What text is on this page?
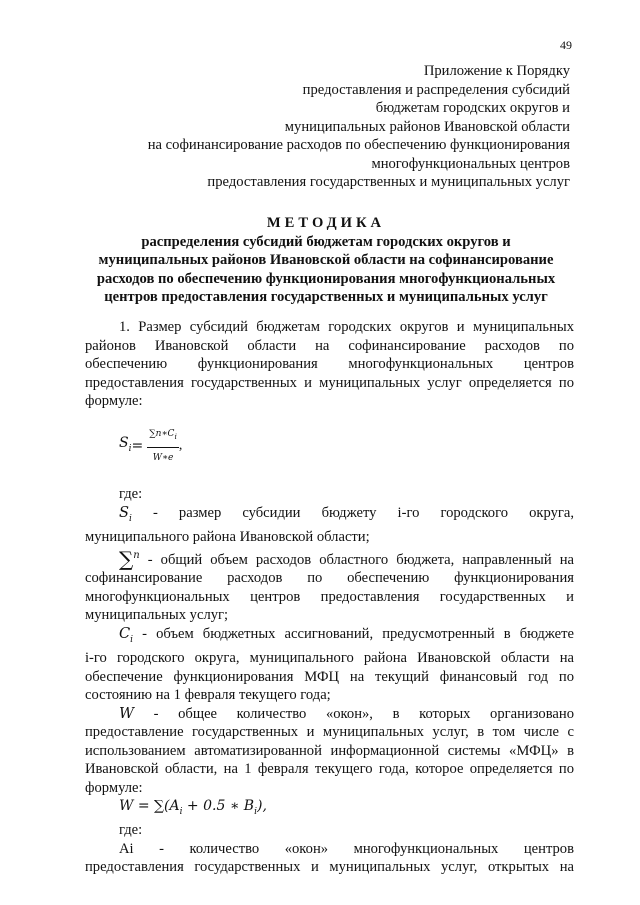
49
Приложение к Порядку
предоставления и распределения субсидий
бюджетам городских округов и
муниципальных районов Ивановской области
на софинансирование расходов по обеспечению функционирования
многофункциональных центров
предоставления государственных и муниципальных услуг
МЕТОДИКА
распределения субсидий бюджетам городских округов и
муниципальных районов Ивановской области на софинансирование
расходов по обеспечению функционирования многофункциональных
центров предоставления государственных и муниципальных услуг
1. Размер субсидий бюджетам городских округов и муниципальных
районов Ивановской области на софинансирование расходов по
обеспечению функционирования многофункциональных центров
предоставления государственных и муниципальных услуг определяется по
формуле:
$S_i = \frac{\sum n∗C_i}{W∗e}$ ,
где:
$S_i$ - размер субсидии бюджету i-го городского округа,
муниципального района Ивановской области;
∑$^n$ - общий объем расходов областного бюджета, направленный на
софинансирование расходов по обеспечению функционирования
многофункциональных центров предоставления государственных и
муниципальных услуг;
$C_i$ - объем бюджетных ассигнований, предусмотренный в бюджете
i-го городского округа, муниципального района Ивановской области на
обеспечение функционирования МФЦ на текущий финансовый год по
состоянию на 1 февраля текущего года;
W - общее количество «окон», в которых организовано
предоставление государственных и муниципальных услуг, в том числе с
использованием автоматизированной информационной системы «МФЦ» в
Ивановской области, на 1 февраля текущего года, которое определяется по
формуле:
$W = \sum(A_i + 0.5$ ∗ $B_i$),
где:
Ai - количество «окон» многофункциональных центров
предоставления государственных и муниципальных услуг, открытых на
